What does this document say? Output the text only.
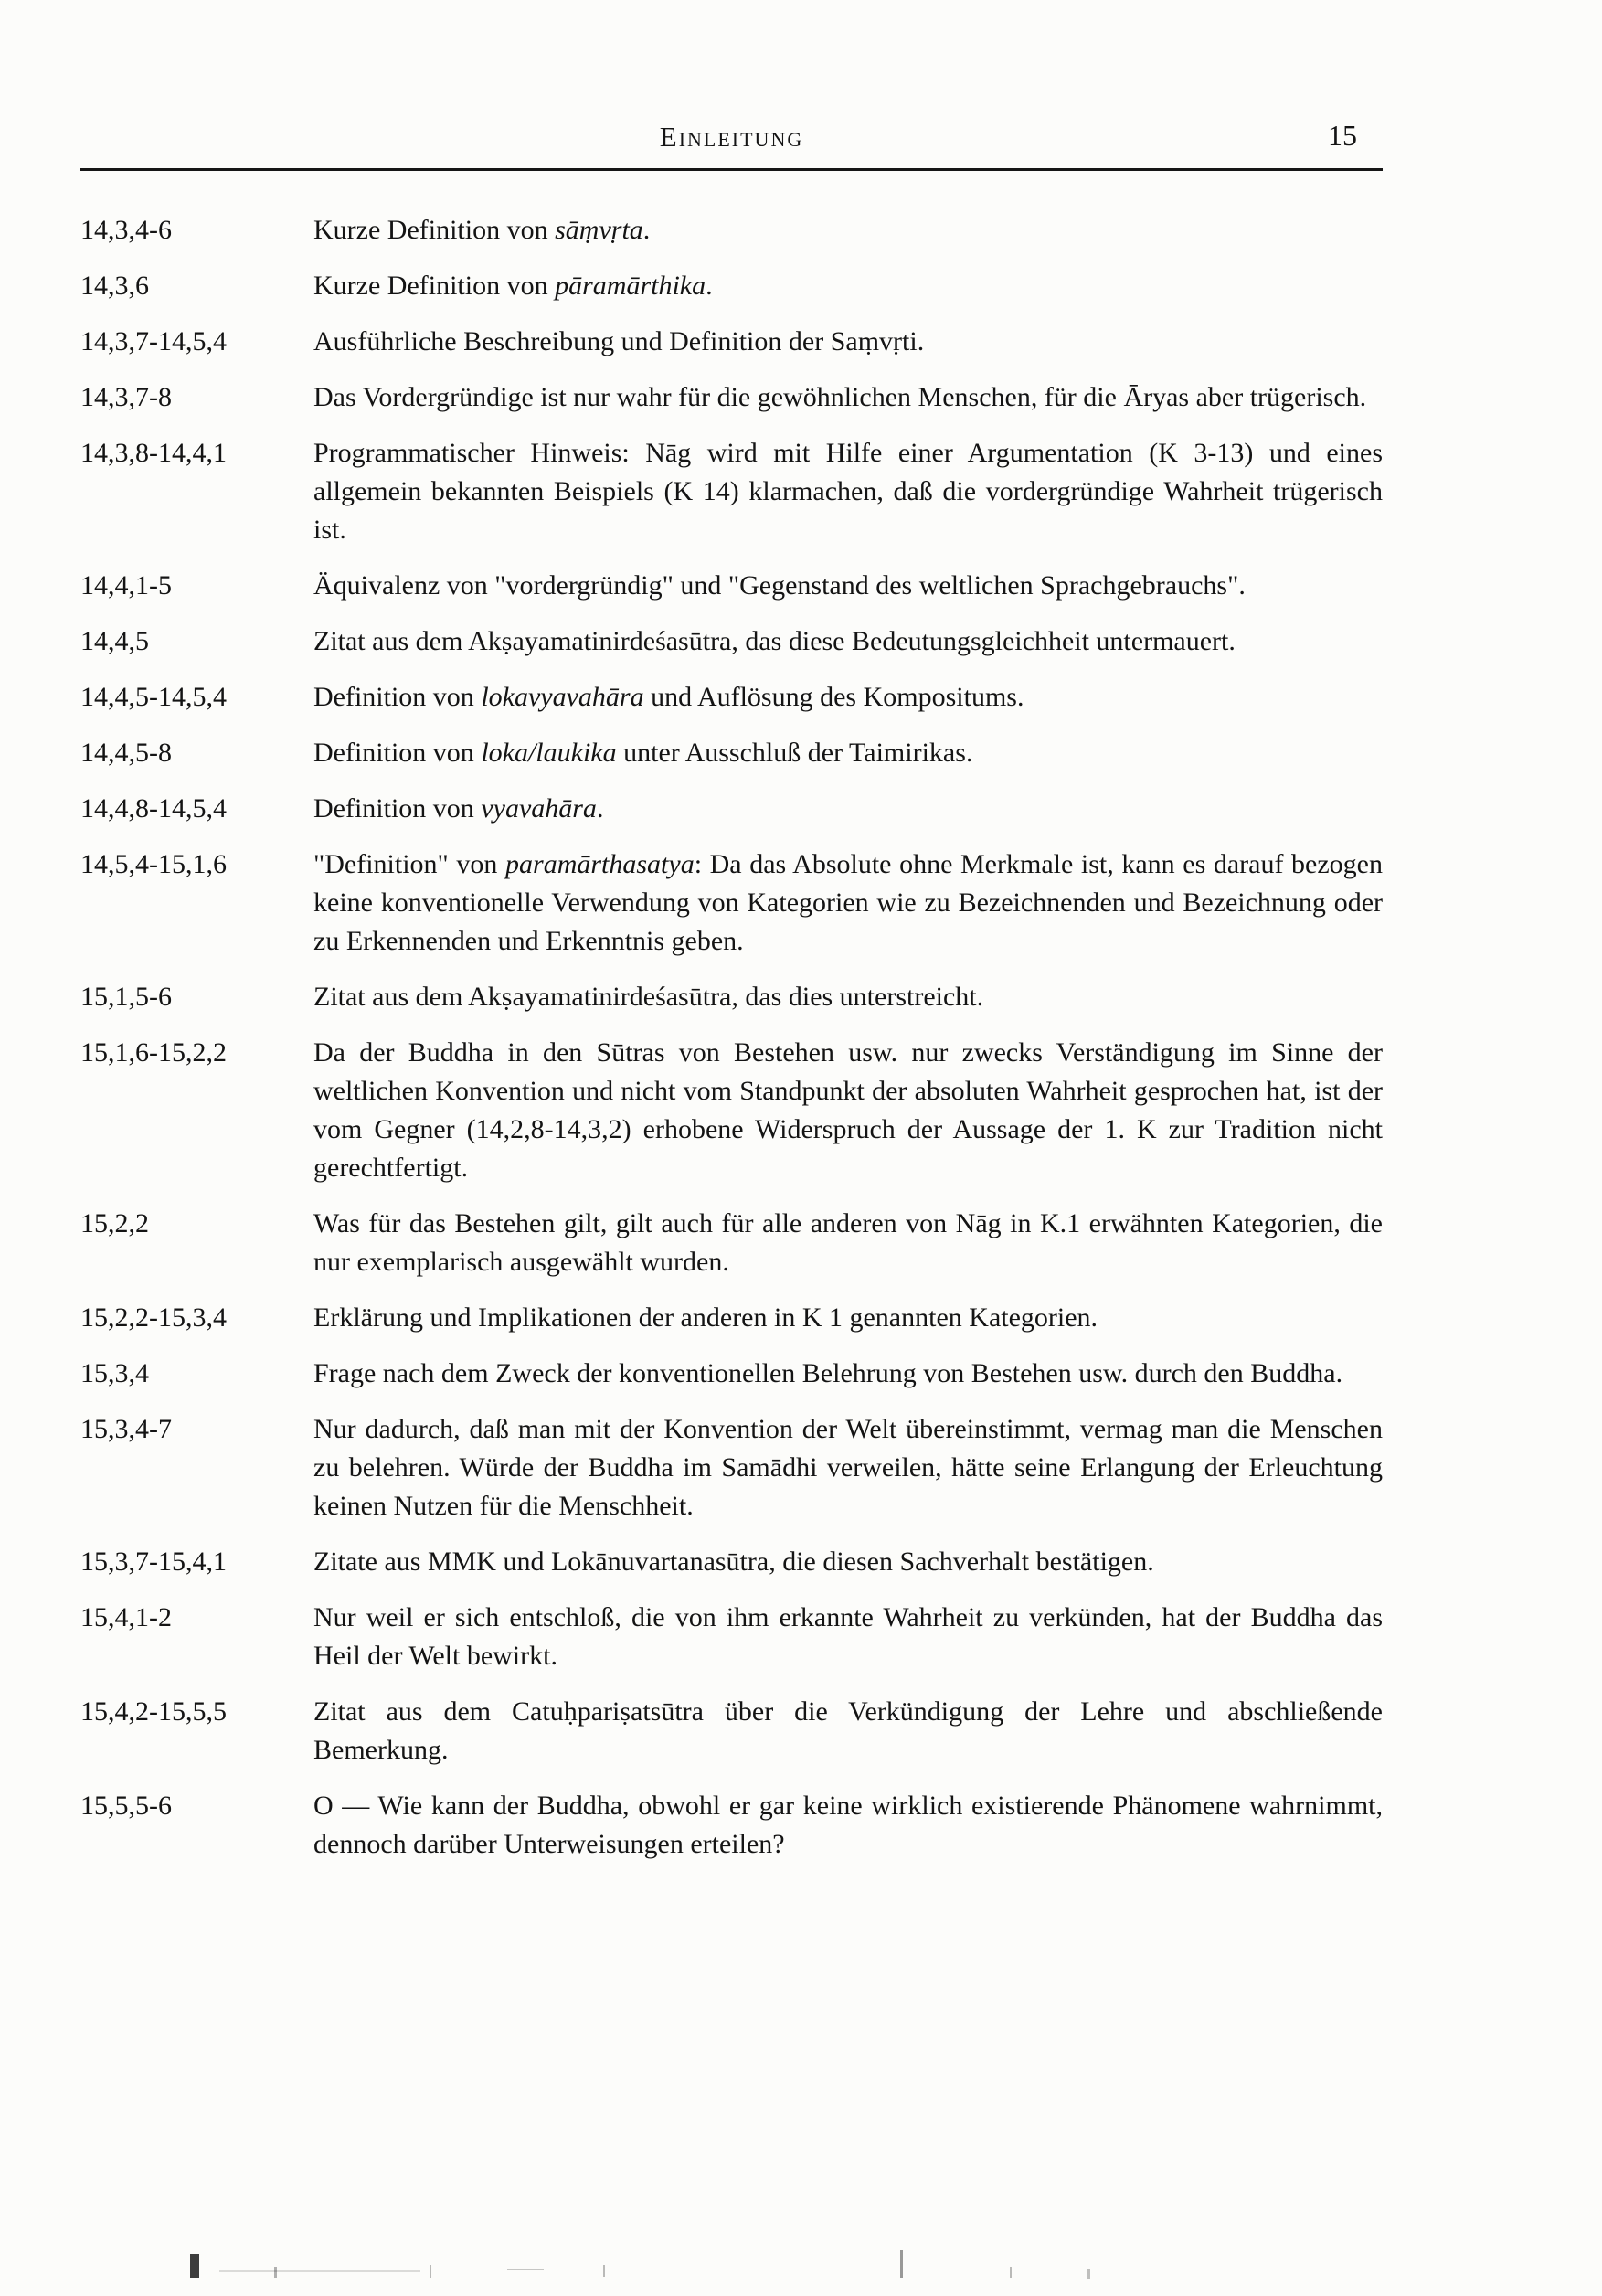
Einleitung	15
14,3,4-6	Kurze Definition von sāṃvṛta.
14,3,6	Kurze Definition von pāramārthika.
14,3,7-14,5,4	Ausführliche Beschreibung und Definition der Saṃvṛti.
14,3,7-8	Das Vordergründige ist nur wahr für die gewöhnlichen Menschen, für die Āryas aber trügerisch.
14,3,8-14,4,1	Programmatischer Hinweis: Nāg wird mit Hilfe einer Argumentation (K 3-13) und eines allgemein bekannten Beispiels (K 14) klarmachen, daß die vordergründige Wahrheit trügerisch ist.
14,4,1-5	Äquivalenz von "vordergründig" und "Gegenstand des weltlichen Sprachgebrauchs".
14,4,5	Zitat aus dem Akṣayamatinirdeśasūtra, das diese Bedeutungsgleichheit untermauert.
14,4,5-14,5,4	Definition von lokavyavahāra und Auflösung des Kompositums.
14,4,5-8	Definition von loka/laukika unter Ausschluß der Taimirikas.
14,4,8-14,5,4	Definition von vyavahāra.
14,5,4-15,1,6	"Definition" von paramārthasatya: Da das Absolute ohne Merkmale ist, kann es darauf bezogen keine konventionelle Verwendung von Kategorien wie zu Bezeichnenden und Bezeichnung oder zu Erkennenden und Erkenntnis geben.
15,1,5-6	Zitat aus dem Akṣayamatinirdeśasūtra, das dies unterstreicht.
15,1,6-15,2,2	Da der Buddha in den Sūtras von Bestehen usw. nur zwecks Verständigung im Sinne der weltlichen Konvention und nicht vom Standpunkt der absoluten Wahrheit gesprochen hat, ist der vom Gegner (14,2,8-14,3,2) erhobene Widerspruch der Aussage der 1. K zur Tradition nicht gerechtfertigt.
15,2,2	Was für das Bestehen gilt, gilt auch für alle anderen von Nāg in K.1 erwähnten Kategorien, die nur exemplarisch ausgewählt wurden.
15,2,2-15,3,4	Erklärung und Implikationen der anderen in K 1 genannten Kategorien.
15,3,4	Frage nach dem Zweck der konventionellen Belehrung von Bestehen usw. durch den Buddha.
15,3,4-7	Nur dadurch, daß man mit der Konvention der Welt übereinstimmt, vermag man die Menschen zu belehren. Würde der Buddha im Samādhi verweilen, hätte seine Erlangung der Erleuchtung keinen Nutzen für die Menschheit.
15,3,7-15,4,1	Zitate aus MMK und Lokānuvartanasūtra, die diesen Sachverhalt bestätigen.
15,4,1-2	Nur weil er sich entschloß, die von ihm erkannte Wahrheit zu verkünden, hat der Buddha das Heil der Welt bewirkt.
15,4,2-15,5,5	Zitat aus dem Catuḥpariṣatsūtra über die Verkündigung der Lehre und abschließende Bemerkung.
15,5,5-6	O — Wie kann der Buddha, obwohl er gar keine wirklich existierende Phänomene wahrnimmt, dennoch darüber Unterweisungen erteilen?
